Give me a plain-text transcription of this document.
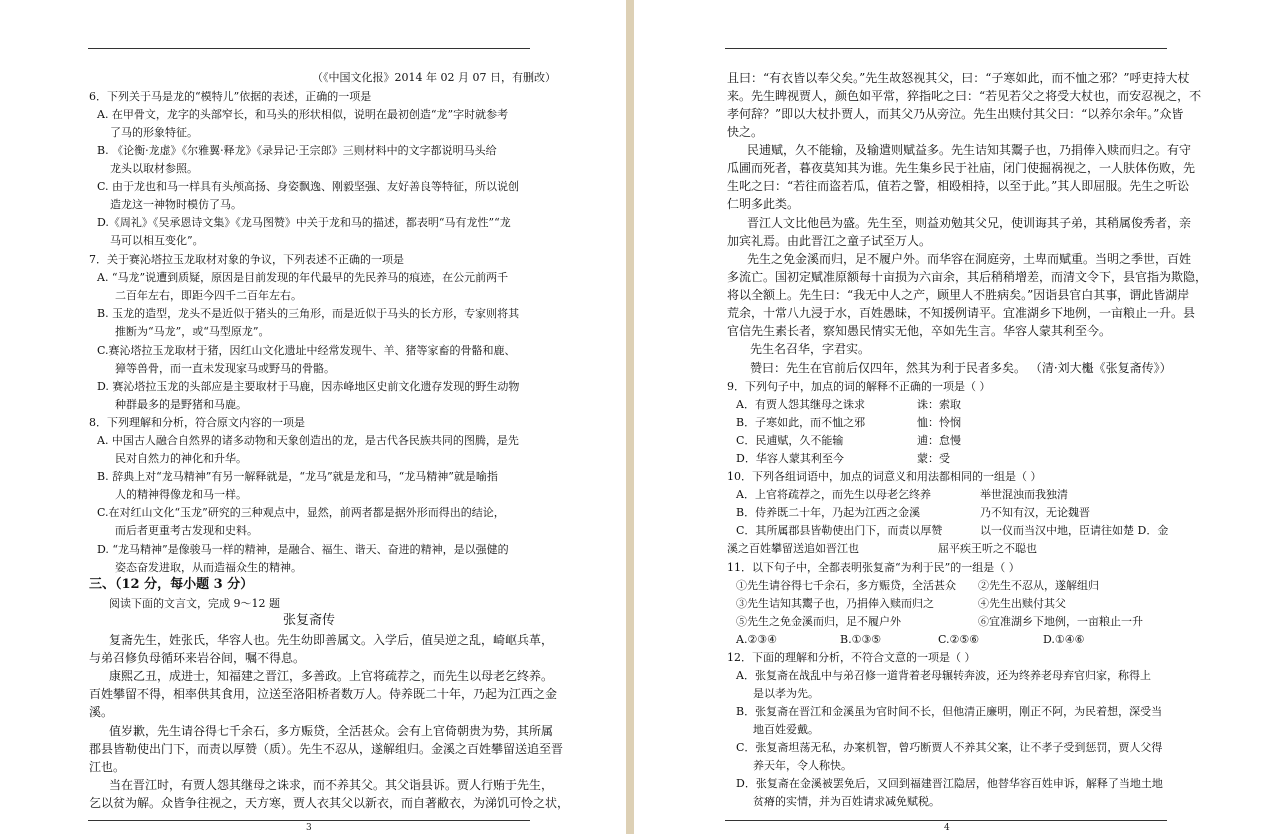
3
（《中国文化报》2014 年 02 月 07 日，有删改）
6．下列关于马是龙的“模特儿”依据的表述，正确的一项是
A. 在甲骨文，龙字的头部窄长，和马头的形状相似，说明在最初创造“龙”字时就参考
了马的形象特征。
B. 《论衡·龙虚》《尔雅翼·释龙》《录异记·王宗郎》三则材料中的文字都说明马头给
龙头以取材参照。
C. 由于龙也和马一样具有头颅高扬、身姿飘逸、刚毅坚强、友好善良等特征，所以说创
造龙这一神物时模仿了马。
D.《周礼》《吴承恩诗文集》《龙马图赞》中关于龙和马的描述，都表明“马有龙性”“龙
马可以相互变化”。
7．关于赛沁塔拉玉龙取材对象的争议，下列表述不正确的一项是
A. “马龙”说遭到质疑，原因是目前发现的年代最早的先民养马的痕迹，在公元前两千
二百年左右，即距今四千二百年左右。
B. 玉龙的造型，龙头不是近似于猪头的三角形，而是近似于马头的长方形，专家则将其
推断为“马龙”，或“马型原龙”。
C.赛沁塔拉玉龙取材于猪，因红山文化遗址中经常发现牛、羊、猪等家畜的骨骼和鹿、
獐等兽骨，而一直未发现家马或野马的骨骼。
D. 赛沁塔拉玉龙的头部应是主要取材于马鹿，因赤峰地区史前文化遗存发现的野生动物
种群最多的是野猪和马鹿。
8．下列理解和分析，符合原文内容的一项是
A. 中国古人融合自然界的诸多动物和天象创造出的龙，是古代各民族共同的图腾，是先
民对自然力的神化和升华。
B. 辞典上对“龙马精神”有另一解释就是，“龙马”就是龙和马，“龙马精神”就是喻指
人的精神得像龙和马一样。
C.在对红山文化“玉龙”研究的三种观点中，显然，前两者都是据外形而得出的结论，
而后者更重考古发现和史料。
D. “龙马精神”是像骏马一样的精神，是融合、福生、谐天、奋进的精神，是以强健的
姿态奋发进取，从而造福众生的精神。
三、（12 分，每小题 3 分）
阅读下面的文言文，完成 9～12 题
张复斋传
复斋先生，姓张氏，华容人也。先生幼即善属文。入学后，值吴逆之乱，崎岖兵革，
与弟召修负母循环来岩谷间，嘱不得息。
康熙乙丑，成进士，知福建之晋江，多善政。上官将疏荐之，而先生以母老乞终养。
百姓攀留不得，相率供其食用，泣送至洛阳桥者数万人。侍养既二十年，乃起为江西之金
溪。
值岁歉，先生请谷得七千余石，多方赈贷，全活甚众。会有上官倚朝贵为势，其所属
郡县皆勒使出门下，而责以厚赞（质）。先生不忍从，遂解组归。金溪之百姓攀留送追至晋
江也。
当在晋江时，有贾人怨其继母之诛求，而不养其父。其父诣县诉。贾人行贿于先生，
乞以贫为解。众皆争往视之，天方寒，贾人衣其父以新衣，而自著敝衣，为涕饥可怜之状，
4
且曰：“有衣皆以奉父矣。”先生故怒视其父，曰：“子寒如此，而不恤之邪？”呼吏持大杖
来。先生睥视贾人，颜色如平常，猝指叱之曰：“若见若父之将受大杖也，而安忍视之，不
孝何辞？”即以大杖扑贾人，而其父乃从旁泣。先生出赎付其父曰：“以养尔余年。”众皆
快之。
民逋赋，久不能输，及输遣则赋益多。先生诘知其鬻子也，乃捐俸入赎而归之。有守
瓜圃而死者，暮夜莫知其为谁。先生集乡民于社庙，闭门使掘祸视之，一人肤体伤败，先
生叱之曰：“若往而盗若瓜，值若之警，相殴相持，以至于此。”其人即屈服。先生之听讼
仁明多此类。
晋江人文比他邑为盛。先生至，则益劝勉其父兄，使训诲其子弟，其稍属俊秀者，亲
加宾礼焉。由此晋江之童子试至万人。
先生之免金溪而归，足不履户外。而华容在洞庭旁，土卑而赋重。当明之季世，百姓
多流亡。国初定赋准原额每十亩损为六亩余，其后稍稍增差，而清文令下，县官指为欺隐，
将以全额上。先生曰：“我无中人之产，顾里人不胜病矣。”因诣县官白其事，谓此皆湖岸
荒余，十常八九浸于水，百姓愚昧，不知援例请平。宜准湖乡下地例，一亩粮止一升。县
官信先生素长者，察知愚民情实无他，卒如先生言。华容人蒙其利至今。
先生名召华，字君实。
赞曰：先生在官前后仅四年，然其为利于民者多矣。 （清·刘大櫆《张复斋传》）
9．下列句子中，加点的词的解释不正确的一项是（ ）
A．有贾人怨其继母之诛求	诛：索取
B．子寒如此，而不恤之邪	恤：怜悯
C．民逋赋，久不能输	逋：怠慢
D．华容人蒙其利至今	蒙：受
10．下列各组词语中，加点的词意义和用法都相同的一组是（ ）
A．上官将疏荐之，而先生以母老乞终养	举世混浊而我独清
B．侍养既二十年，乃起为江西之金溪	乃不知有汉，无论魏晋
C．其所属郡县皆勒使出门下，而责以厚赞	以一仪而当汉中地，臣请往如楚 D．金
溪之百姓攀留送追如晋江也	屈平疾王听之不聪也
11．以下句子中，全都表明张复斋“为利于民”的一组是（ ）
①先生请谷得七千余石，多方赈贷，全活甚众 ②先生不忍从，遂解组归
③先生诘知其鬻子也，乃捐俸入赎而归之	④先生出赎付其父
⑤先生之免金溪而归，足不履户外	⑥宜准湖乡下地例，一亩粮止一升
A.②③④	B.①③⑤	C.②⑤⑥	D.①④⑥
12．下面的理解和分析，不符合文意的一项是（ ）
A．张复斋在战乱中与弟召修一道背着老母辗转奔波，还为终养老母弃官归家，称得上
是以孝为先。
B．张复斋在晋江和金溪虽为官时间不长，但他清正廉明，刚正不阿，为民着想，深受当
地百姓爱戴。
C．张复斋坦荡无私，办案机智，曾巧断贾人不养其父案，让不孝子受到惩罚，贾人父得
养天年，令人称快。
D．张复斋在金溪被罢免后，又回到福建晋江隐居，他替华容百姓申诉，解释了当地土地
贫瘠的实情，并为百姓请求减免赋税。
